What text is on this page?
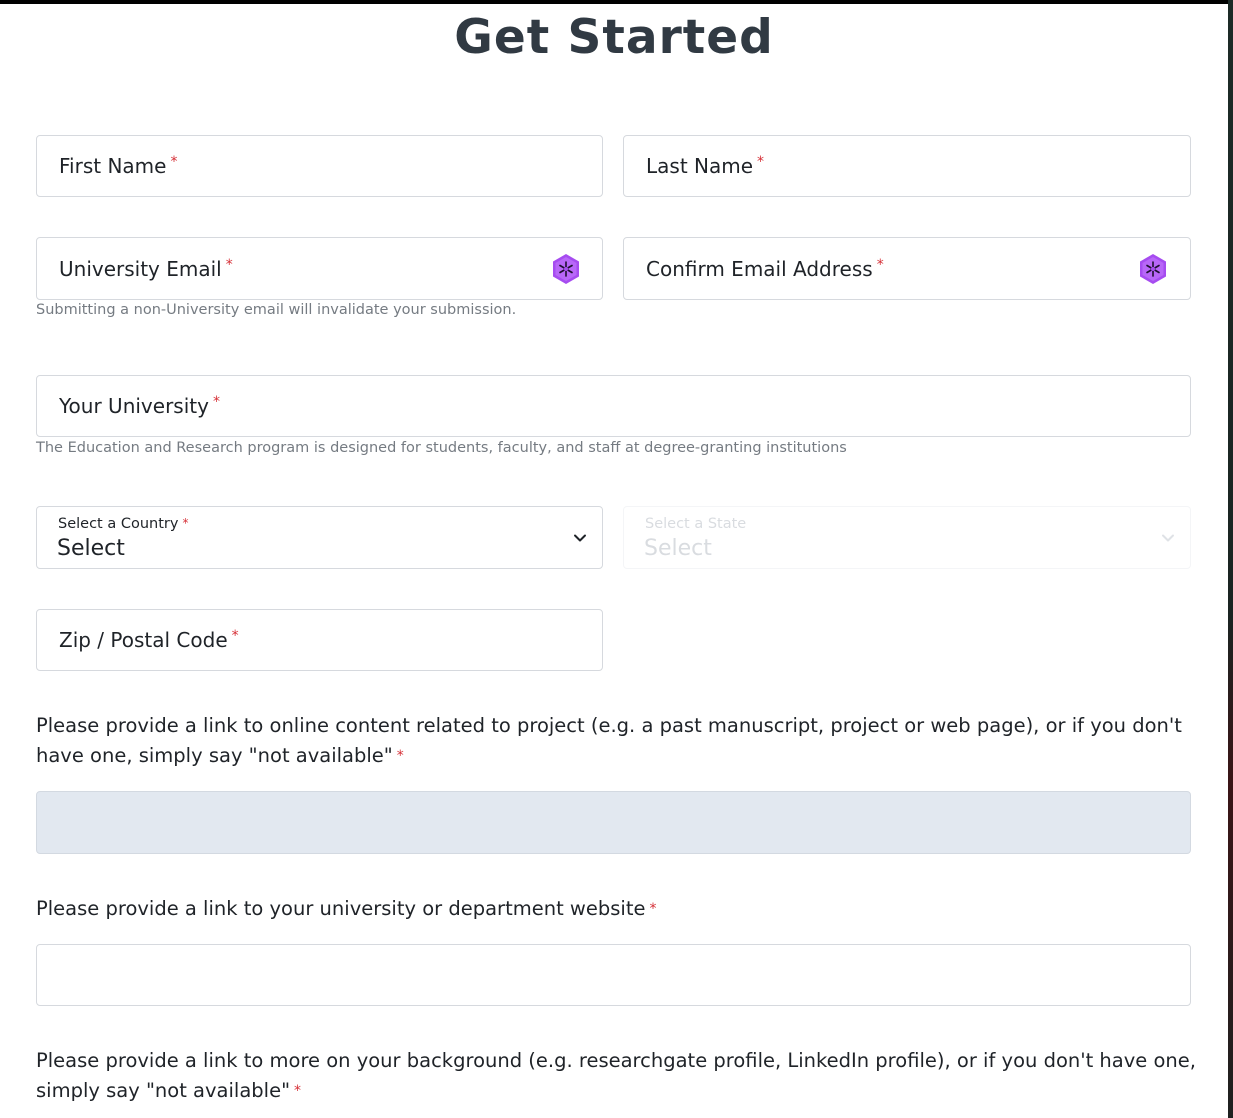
Get Started
First Name *	Last Name *
University Email *
Submitting a non-University email will invalidate your submission.
Confirm Email Address *
Your University *
The Education and Research program is designed for students, faculty, and staff at degree-granting institutions
Select a Country *
Select
Select a State
Select
Zip / Postal Code *
Please provide a link to online content related to project (e.g. a past manuscript, project or web page), or if you don't have one, simply say "not available" *
Please provide a link to your university or department website *
Please provide a link to more on your background (e.g. researchgate profile, LinkedIn profile), or if you don't have one, simply say "not available" *
